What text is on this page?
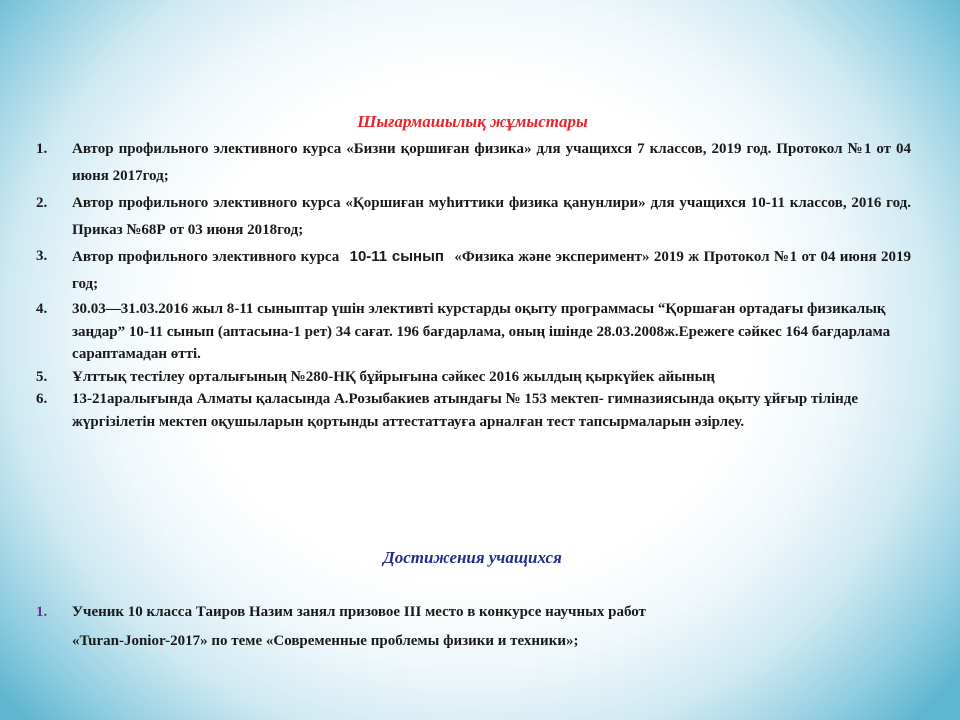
Шығармашылық жұмыстары
1. Автор профильного элективного курса «Бизни қоршиған физика» для учащихся 7 классов, 2019 год. Протокол №1 от 04 июня 2017год;
2. Автор профильного элективного курса «Қоршиған муһиттики физика қанунлири» для учащихся 10-11 классов, 2016 год. Приказ №68Р от 03 июня 2018год;
3. Автор профильного элективного курса 10-11 сынып «Физика және эксперимент» 2019 ж Протокол №1 от 04 июня 2019 год;
4. 30.03—31.03.2016 жыл 8-11 сыныптар үшін элективті курстарды оқыту программасы “Қоршаған ортадағы физикалық заңдар” 10-11 сынып (аптасына-1 рет) 34 сағат. 196 бағдарлама, оның ішінде 28.03.2008ж.Ережеге сәйкес 164 бағдарлама сараптамадан өтті.
5. Ұлттық тестілеу орталығының №280-НҚ бұйрығына сәйкес 2016 жылдың қыркүйек айының
6. 13-21аралығында Алматы қаласында А.Розыбакиев атындағы № 153 мектеп- гимназиясында оқыту ұйғыр тілінде жүргізілетін мектеп оқушыларын қортынды аттестаттауға арналған тест тапсырмаларын әзірлеу.
Достижения учащихся
1. Ученик 10 класса Таиров Назим занял призовое III место в конкурсе научных работ
«Turan-Jonior-2017» по теме «Современные проблемы физики и техники»;
